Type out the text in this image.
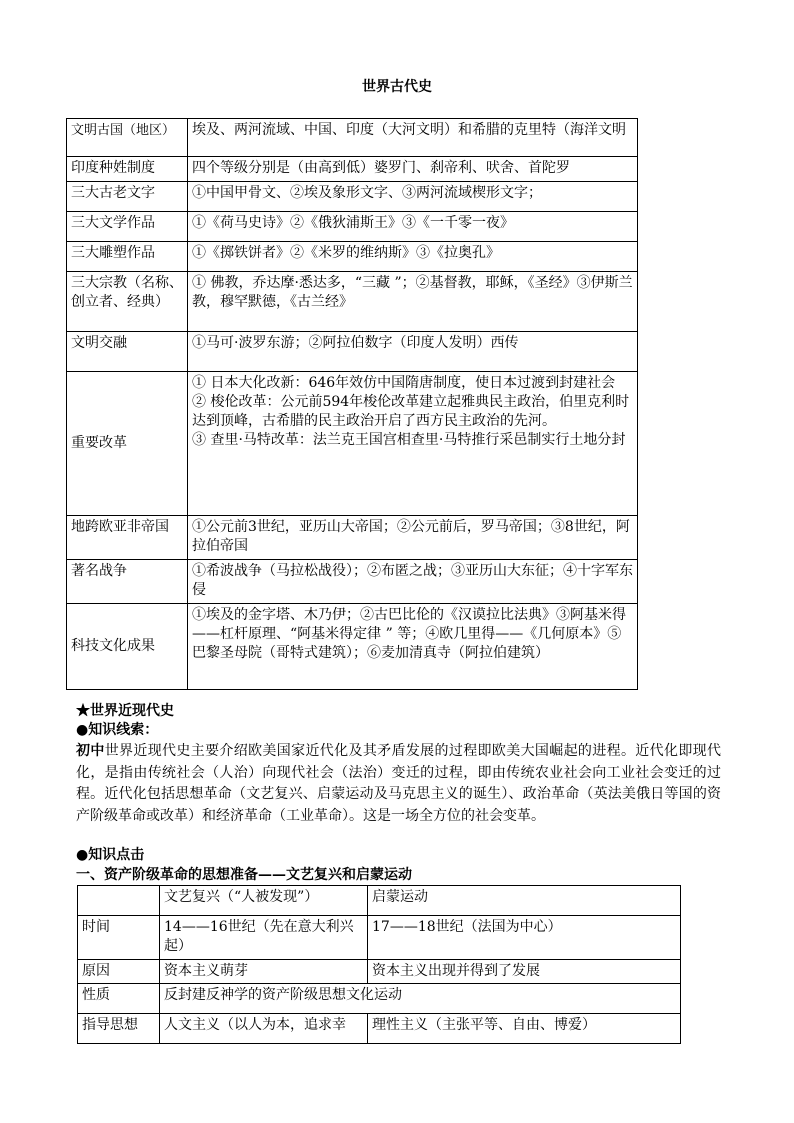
世界古代史
文明古国（地区）	埃及、两河流域、中国、印度（大河文明）和希腊的克里特（海洋文明
印度种姓制度	四个等级分别是（由高到低）婆罗门、刹帝利、吠舍、首陀罗
三大古老文字	①中国甲骨文、②埃及象形文字、③两河流域楔形文字；
三大文学作品	①《荷马史诗》②《俄狄浦斯王》③《一千零一夜》
三大雕塑作品	①《掷铁饼者》②《米罗的维纳斯》③《拉奥孔》
三大宗教（名称、创立者、经典）	① 佛教，乔达摩·悉达多，“三藏 ”；②基督教，耶稣，《圣经》③伊斯兰教，穆罕默德，《古兰经》
文明交融	①马可·波罗东游；②阿拉伯数字（印度人发明）西传
重要改革	① 日本大化改新：646年效仿中国隋唐制度，使日本过渡到封建社会
② 梭伦改革：公元前594年梭伦改革建立起雅典民主政治，伯里克利时达到顶峰，古希腊的民主政治开启了西方民主政治的先河。
③ 查里·马特改革：法兰克王国宫相查里·马特推行采邑制实行土地分封
地跨欧亚非帝国	①公元前3世纪，亚历山大帝国；②公元前后，罗马帝国；③8世纪，阿拉伯帝国
著名战争	①希波战争（马拉松战役）；②布匿之战；③亚历山大东征；④十字军东侵
科技文化成果	①埃及的金字塔、木乃伊；②古巴比伦的《汉谟拉比法典》③阿基米得——杠杆原理、“阿基米得定律 ” 等；④欧几里得——《几何原本》⑤巴黎圣母院（哥特式建筑）；⑥麦加清真寺（阿拉伯建筑）
★世界近现代史
●知识线索：
初中世界近现代史主要介绍欧美国家近代化及其矛盾发展的过程即欧美大国崛起的进程。近代化即现代化，是指由传统社会（人治）向现代社会（法治）变迁的过程，即由传统农业社会向工业社会变迁的过程。近代化包括思想革命（文艺复兴、启蒙运动及马克思主义的诞生）、政治革命（英法美俄日等国的资产阶级革命或改革）和经济革命（工业革命）。这是一场全方位的社会变革。
●知识点击
一、资产阶级革命的思想准备——文艺复兴和启蒙运动
	文艺复兴（“人被发现”）	启蒙运动
时间	14——16世纪（先在意大利兴起）	17——18世纪（法国为中心）
原因	资本主义萌芽	资本主义出现并得到了发展
性质	反封建反神学的资产阶级思想文化运动	
指导思想	人文主义（以人为本，追求幸	理性主义（主张平等、自由、博爱）
